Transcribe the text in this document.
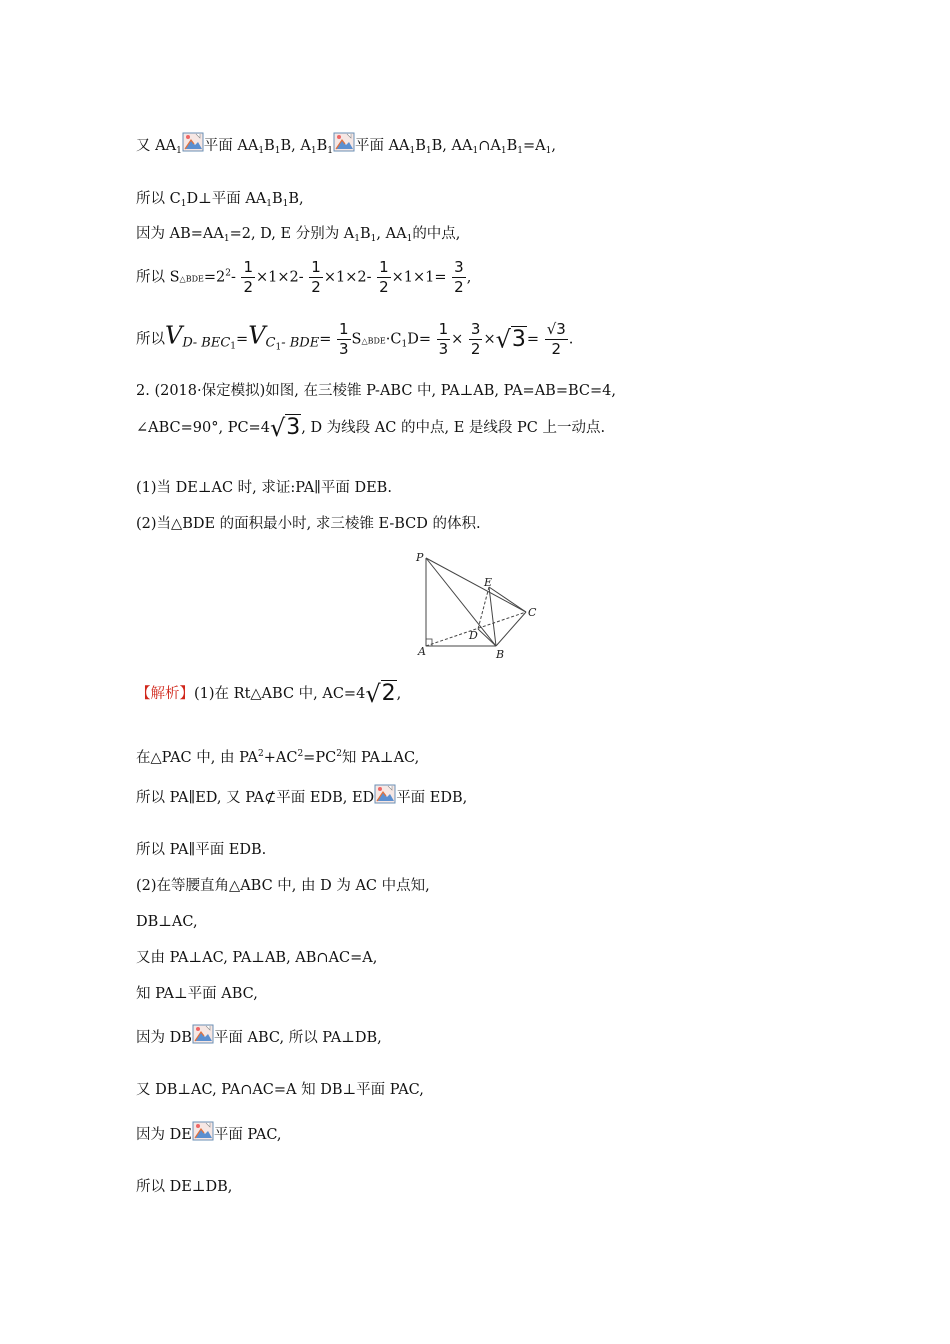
又 $AA_1$ 平面 $AA_1B_1B$, $A_1B_1$ 平面 $AA_1B_1B$, $AA_1\cap A_1B_1=A_1$,
所以 $C_1D\perp$平面 $AA_1B_1B$,
因为 $AB=AA_1=2$, D, E 分别为 $A_1B_1$, $AA_1$的中点,
所以 $S\triangle BDE=2^2- \frac{1}{2} \times 1\times 2- \frac{1}{2} \times 1\times 2- \frac{1}{2} \times 1\times 1= \frac{3}{2}$ ,
所以VD- $BEC_1=VC_1-$ $BDE= \frac{1}{3}$ $S\triangle BDE\cdot C_1D= \frac{1}{3} \times \frac{3}{2} \times√3= \frac{√3}{2}$ .
2. (2018·保定模拟)如图, 在三棱锥 P-ABC 中, PA⊥AB, PA=AB=BC=4,
∠ABC=90°, PC=4√3, D 为线段 AC 的中点, E 是线段 PC 上一动点.
(1)当 DE⊥AC 时, 求证:PA∥平面 DEB.
(2)当△BDE 的面积最小时, 求三棱锥 E-BCD 的体积.
P
E
C
D
A	B
【解析】(1)在 Rt△ABC 中, AC=4√2,
在△PAC 中, 由 $PA^2+AC^2=PC^2$知 PA⊥AC,
所以 PA∥ED, 又 PA⊄平面 EDB, ED 平面 EDB,
所以 PA∥平面 EDB.
(2)在等腰直角△ABC 中, 由 D 为 AC 中点知,
DB⊥AC,
又由 PA⊥AC, PA⊥AB, AB∩AC=A,
知 PA⊥平面 ABC,
因为 DB 平面 ABC, 所以 PA⊥DB,
又 DB⊥AC, PA∩AC=A 知 DB⊥平面 PAC,
因为 DE 平面 PAC,
所以 DE⊥DB,
